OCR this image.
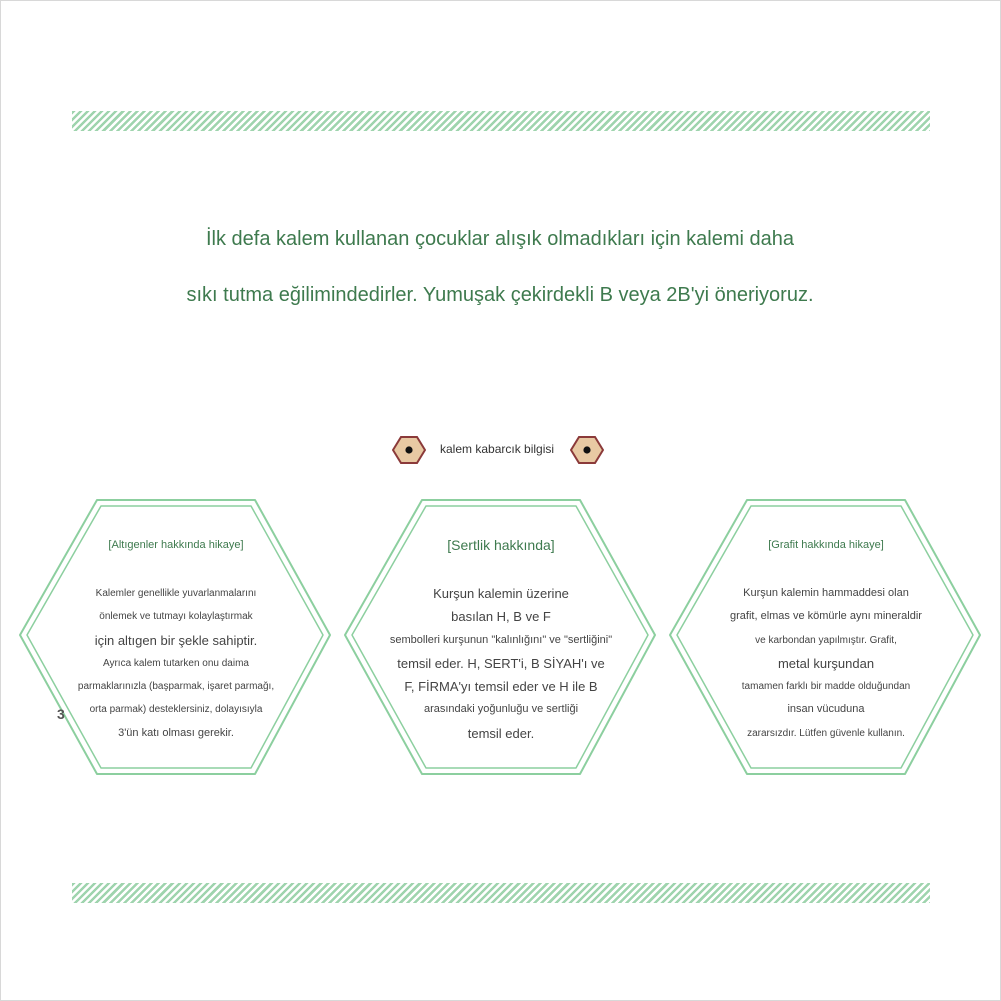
İlk defa kalem kullanan çocuklar alışık olmadıkları için kalemi daha
sıkı tutma eğilimindedirler. Yumuşak çekirdekli B veya 2B'yi öneriyoruz.
kalem kabarcık bilgisi
[Altıgenler hakkında hikaye]
Kalemler genellikle yuvarlanmalarını
önlemek ve tutmayı kolaylaştırmak
için altıgen bir şekle sahiptir.
Ayrıca kalem tutarken onu daima
parmaklarınızla (başparmak, işaret parmağı,
orta parmak) desteklersiniz, dolayısıyla
3'ün katı olması gerekir.
[Sertlik hakkında]
Kurşun kalemin üzerine
basılan H, B ve F
sembolleri kurşunun "kalınlığını" ve "sertliğini"
temsil eder. H, SERT'i, B SİYAH'ı ve
F, FİRMA'yı temsil eder ve H ile B
arasındaki yoğunluğu ve sertliği
temsil eder.
[Grafit hakkında hikaye]
Kurşun kalemin hammaddesi olan
grafit, elmas ve kömürle aynı mineraldir
ve karbondan yapılmıştır. Grafit,
metal kurşundan
tamamen farklı bir madde olduğundan
insan vücuduna
zararsızdır. Lütfen güvenle kullanın.
3
